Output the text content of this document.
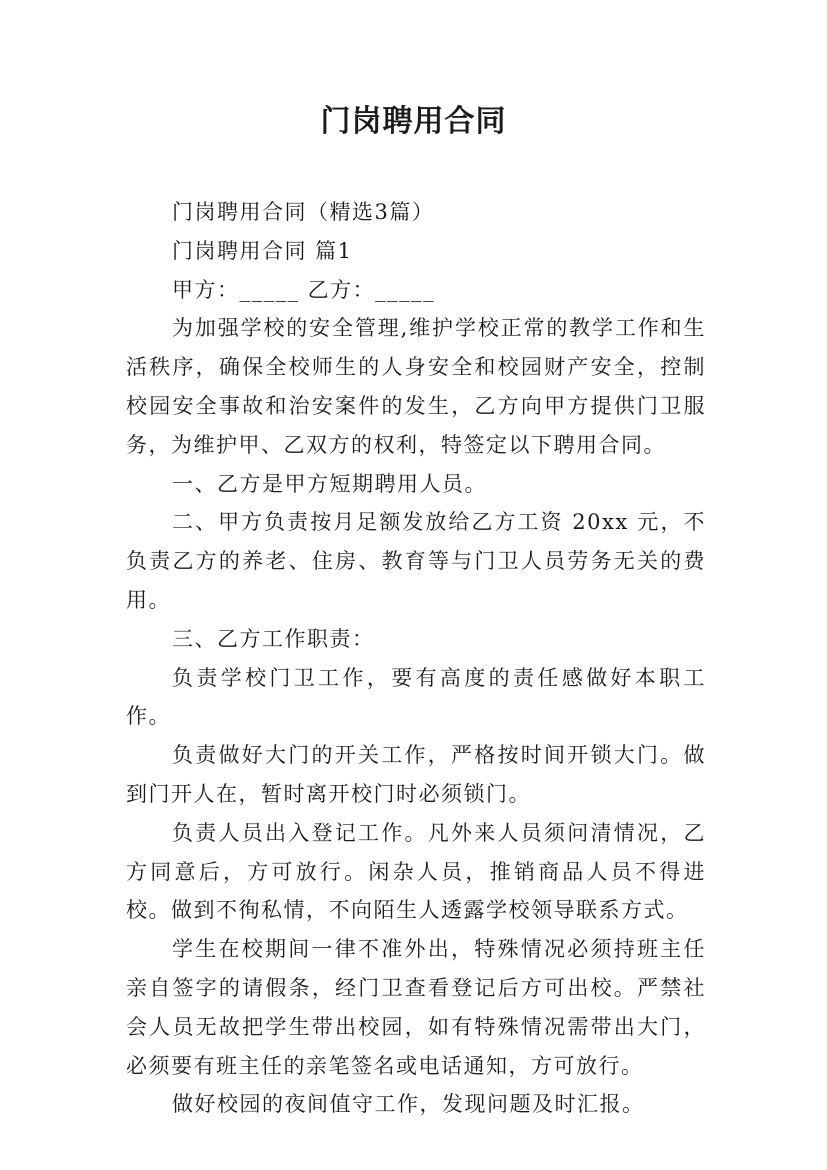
门岗聘用合同

门岗聘用合同（精选3篇）

门岗聘用合同 篇1

甲方：_____ 乙方：_____

为加强学校的安全管理,维护学校正常的教学工作和生活秩序，确保全校师生的人身安全和校园财产安全，控制校园安全事故和治安案件的发生，乙方向甲方提供门卫服务，为维护甲、乙双方的权利，特签定以下聘用合同。

一、乙方是甲方短期聘用人员。

二、甲方负责按月足额发放给乙方工资 20xx 元，不负责乙方的养老、住房、教育等与门卫人员劳务无关的费用。

三、乙方工作职责：

负责学校门卫工作，要有高度的责任感做好本职工作。

负责做好大门的开关工作，严格按时间开锁大门。做到门开人在，暂时离开校门时必须锁门。

负责人员出入登记工作。凡外来人员须问清情况，乙方同意后，方可放行。闲杂人员，推销商品人员不得进校。做到不徇私情，不向陌生人透露学校领导联系方式。

学生在校期间一律不准外出，特殊情况必须持班主任亲自签字的请假条，经门卫查看登记后方可出校。严禁社会人员无故把学生带出校园，如有特殊情况需带出大门，必须要有班主任的亲笔签名或电话通知，方可放行。

做好校园的夜间值守工作，发现问题及时汇报。
